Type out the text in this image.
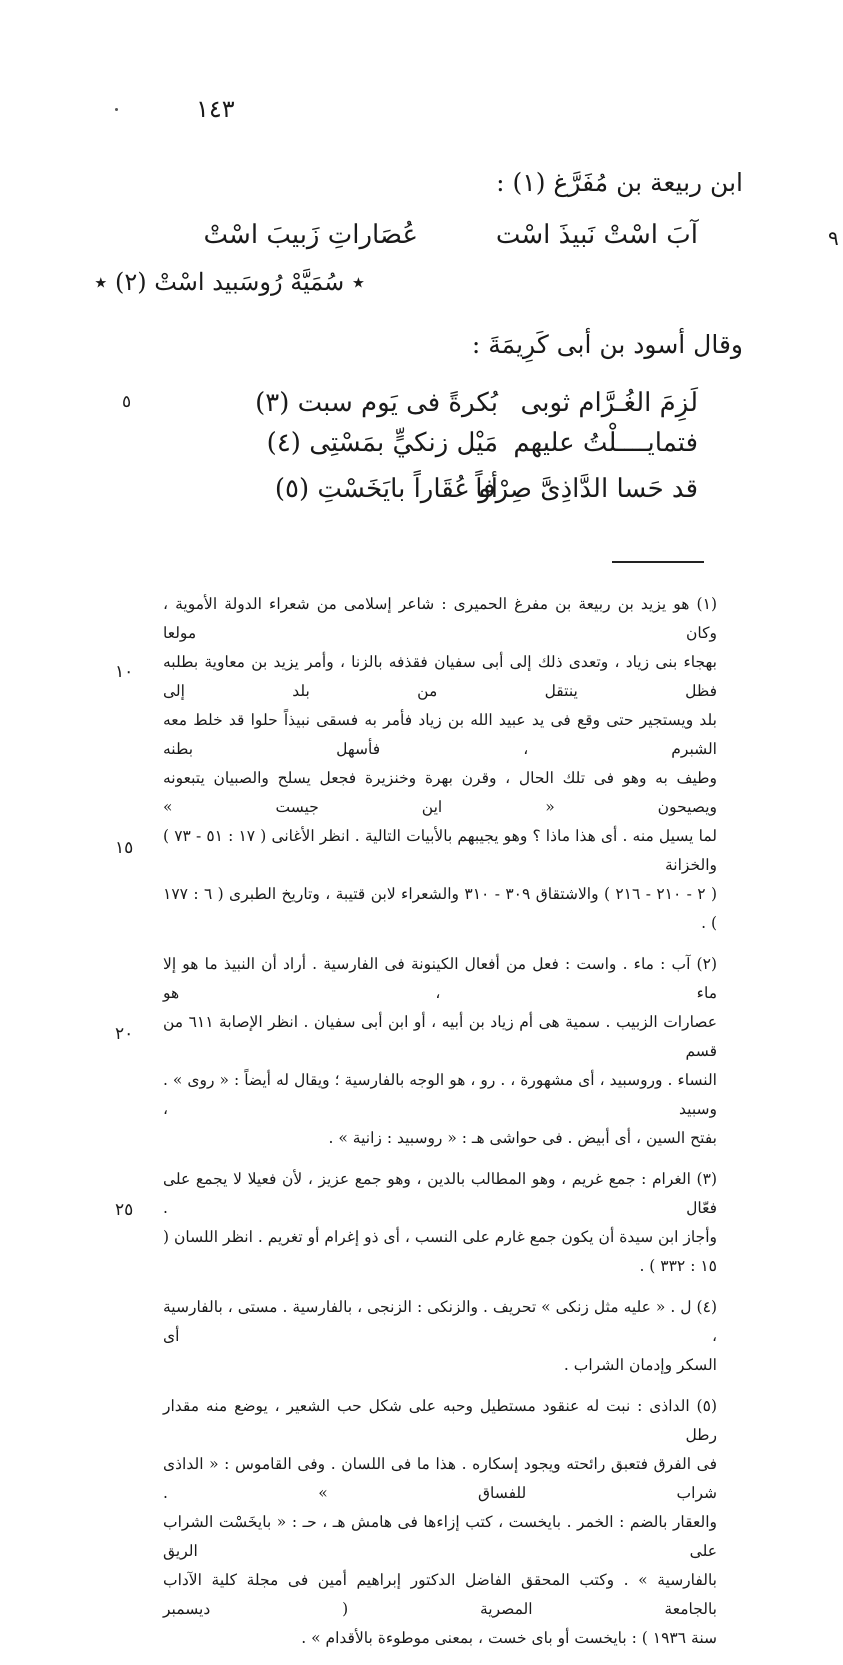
١٤٣
ابن ربيعة بن مُفَرَّغ (١) :
آبَ اسْتْ نَبيذَ اسْت
عُصَاراتِ زَبيبَ اسْتْ
٭ سُمَيَّهْ رُوسَبيد اسْتْ (٢) ٭
وقال أسود بن أبى كَرِيمَةَ :
لَزِمَ الغُـرَّام ثوبى
بُكرةً فى يَوم سبت (٣)
فتمايــــلْتُ عليهم
مَيْل زنكيٍّ بمَسْتِى (٤)
قد حَسا الدَّاذِىَّ صِرْفاً
أو عُقَاراً بايَخَسْتِ (٥)
٩
٥
١٠
١٥
٢٠
٢٥
(١) هو يزيد بن ربيعة بن مفرغ الحميرى : شاعر إسلامى من شعراء الدولة الأموية ، وكان مولعا
بهجاء بنى زياد ، وتعدى ذلك إلى أبى سفيان فقذفه بالزنا ، وأمر يزيد بن معاوية بطلبه فظل ينتقل من بلد إلى
بلد ويستجير حتى وقع فى يد عبيد الله بن زياد فأمر به فسقى نبيذاً حلوا قد خلط معه الشبرم ، فأسهل بطنه
وطيف به وهو فى تلك الحال ، وقرن بهرة وخنزيرة فجعل يسلح والصبيان يتبعونه ويصيحون « اين جيست »
لما يسيل منه . أى هذا ماذا ؟ وهو يجيبهم بالأبيات التالية . انظر الأغانى ( ١٧ : ٥١ - ٧٣ ) والخزانة
( ٢ - ٢١٠ - ٢١٦ ) والاشتقاق ٣٠٩ - ٣١٠ والشعراء لابن قتيبة ، وتاريخ الطبرى ( ٦ : ١٧٧ ) .
(٢) آب : ماء . واست : فعل من أفعال الكينونة فى الفارسية . أراد أن النبيذ ما هو إلا ماء ، هو
عصارات الزبيب . سمية هى أم زياد بن أبيه ، أو ابن أبى سفيان . انظر الإصابة ٦١١ من قسم
النساء . وروسبيد ، أى مشهورة ، . رو ، هو الوجه بالفارسية ؛ ويقال له أيضاً : « روى » . وسبيد ،
بفتح السين ، أى أبيض . فى حواشى هـ : « روسبيد : زانية » .
(٣) الغرام : جمع غريم ، وهو المطالب بالدين ، وهو جمع عزيز ، لأن فعيلا لا يجمع على فعّال .
وأجاز ابن سيدة أن يكون جمع غارم على النسب ، أى ذو إغرام أو تغريم . انظر اللسان ( ١٥ : ٣٣٢ ) .
(٤) ل . « عليه مثل زنكى » تحريف . والزنكى : الزنجى ، بالفارسية . مستى ، بالفارسية ، أى
السكر وإدمان الشراب .
(٥) الداذى : نبت له عنقود مستطيل وحبه على شكل حب الشعير ، يوضع منه مقدار رطل
فى الفرق فتعبق رائحته ويجود إسكاره . هذا ما فى اللسان . وفى القاموس : « الداذى شراب للفساق » .
والعقار بالضم : الخمر . بايخست ، كتب إزاءها فى هامش هـ ، حـ : « بايخَسْت الشراب على الريق
بالفارسية » . وكتب المحقق الفاضل الدكتور إبراهيم أمين فى مجلة كلية الآداب بالجامعة المصرية ( ديسمبر
سنة ١٩٣٦ ) : بايخست أو باى خست ، بمعنى موطوءة بالأقدام » .
